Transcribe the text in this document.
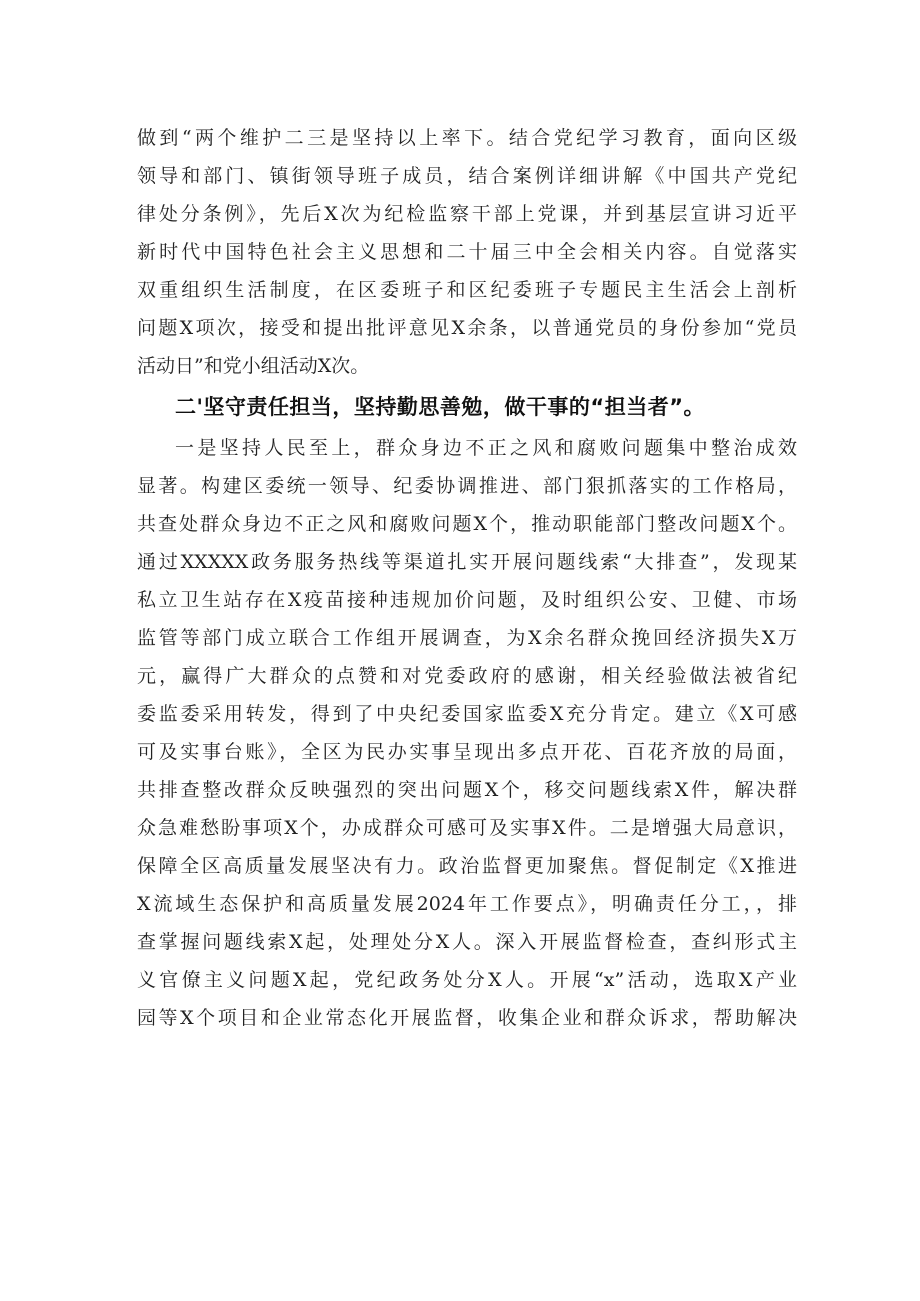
做到“两个维护二三是坚持以上率下。结合党纪学习教育，面向区级
领导和部门、镇街领导班子成员，结合案例详细讲解《中国共产党纪
律处分条例》，先后X次为纪检监察干部上党课，并到基层宣讲习近平
新时代中国特色社会主义思想和二十届三中全会相关内容。自觉落实
双重组织生活制度，在区委班子和区纪委班子专题民主生活会上剖析
问题X项次，接受和提出批评意见X余条，以普通党员的身份参加“党员
活动日”和党小组活动X次。
二'坚守责任担当，坚持勤思善勉，做干事的“担当者”。
一是坚持人民至上，群众身边不正之风和腐败问题集中整治成效
显著。构建区委统一领导、纪委协调推进、部门狠抓落实的工作格局，
共查处群众身边不正之风和腐败问题X个，推动职能部门整改问题X个。
通过XXXXX政务服务热线等渠道扎实开展问题线索“大排查”，发现某
私立卫生站存在X疫苗接种违规加价问题，及时组织公安、卫健、市场
监管等部门成立联合工作组开展调查，为X余名群众挽回经济损失X万
元，赢得广大群众的点赞和对党委政府的感谢，相关经验做法被省纪
委监委采用转发，得到了中央纪委国家监委X充分肯定。建立《X可感
可及实事台账》，全区为民办实事呈现出多点开花、百花齐放的局面，
共排查整改群众反映强烈的突出问题X个，移交问题线索X件，解决群
众急难愁盼事项X个，办成群众可感可及实事X件。二是增强大局意识，
保障全区高质量发展坚决有力。政治监督更加聚焦。督促制定《X推进
X流域生态保护和高质量发展2024年工作要点》，明确责任分工，，排
查掌握问题线索X起，处理处分X人。深入开展监督检查，查纠形式主
义官僚主义问题X起，党纪政务处分X人。开展“x”活动，选取X产业
园等X个项目和企业常态化开展监督，收集企业和群众诉求，帮助解决
